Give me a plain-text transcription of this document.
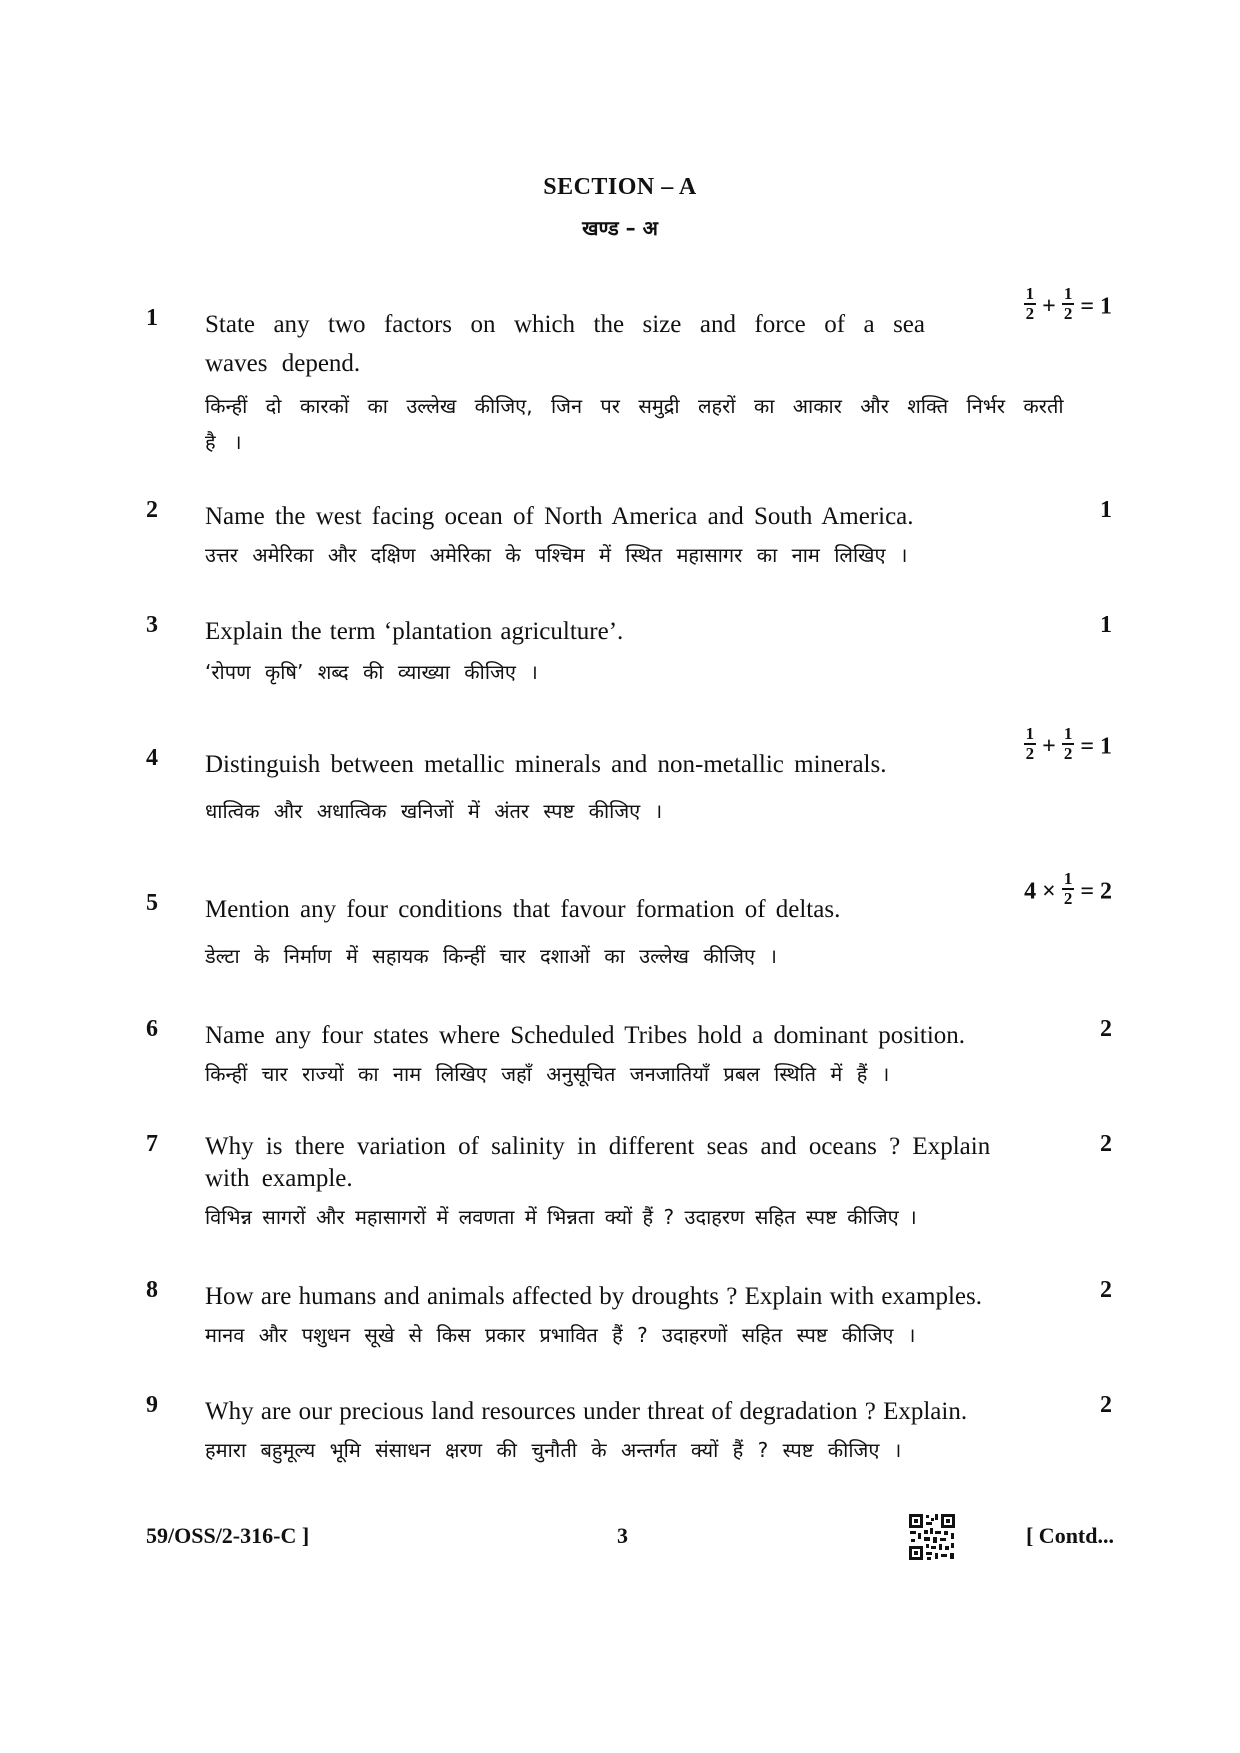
SECTION – A
खण्ड – अ
1 State any two factors on which the size and force of a sea waves depend.
किन्हीं दो कारकों का उल्लेख कीजिए, जिन पर समुद्री लहरों का आकार और शक्ति निर्भर करती है ।
$\frac{1}{2} + \frac{1}{2} = 1$
2 Name the west facing ocean of North America and South America.
उत्तर अमेरिका और दक्षिण अमेरिका के पश्चिम में स्थित महासागर का नाम लिखिए ।
1
3 Explain the term ‘plantation agriculture’.
‘रोपण कृषि’ शब्द की व्याख्या कीजिए ।
1
4 Distinguish between metallic minerals and non-metallic minerals.
धात्विक और अधात्विक खनिजों में अंतर स्पष्ट कीजिए ।
$\frac{1}{2} + \frac{1}{2} = 1$
5 Mention any four conditions that favour formation of deltas.
डेल्टा के निर्माण में सहायक किन्हीं चार दशाओं का उल्लेख कीजिए ।
$4 \times \frac{1}{2} = 2$
6 Name any four states where Scheduled Tribes hold a dominant position.
किन्हीं चार राज्यों का नाम लिखिए जहाँ अनुसूचित जनजातियाँ प्रबल स्थिति में हैं ।
2
7 Why is there variation of salinity in different seas and oceans ? Explain with example.
विभिन्न सागरों और महासागरों में लवणता में भिन्नता क्यों हैं ? उदाहरण सहित स्पष्ट कीजिए ।
2
8 How are humans and animals affected by droughts ? Explain with examples.
मानव और पशुधन सूखे से किस प्रकार प्रभावित हैं ? उदाहरणों सहित स्पष्ट कीजिए ।
2
9 Why are our precious land resources under threat of degradation ? Explain.
हमारा बहुमूल्य भूमि संसाधन क्षरण की चुनौती के अन्तर्गत क्यों हैं ? स्पष्ट कीजिए ।
2
59/OSS/2-316-C ]	3	[ Contd...
